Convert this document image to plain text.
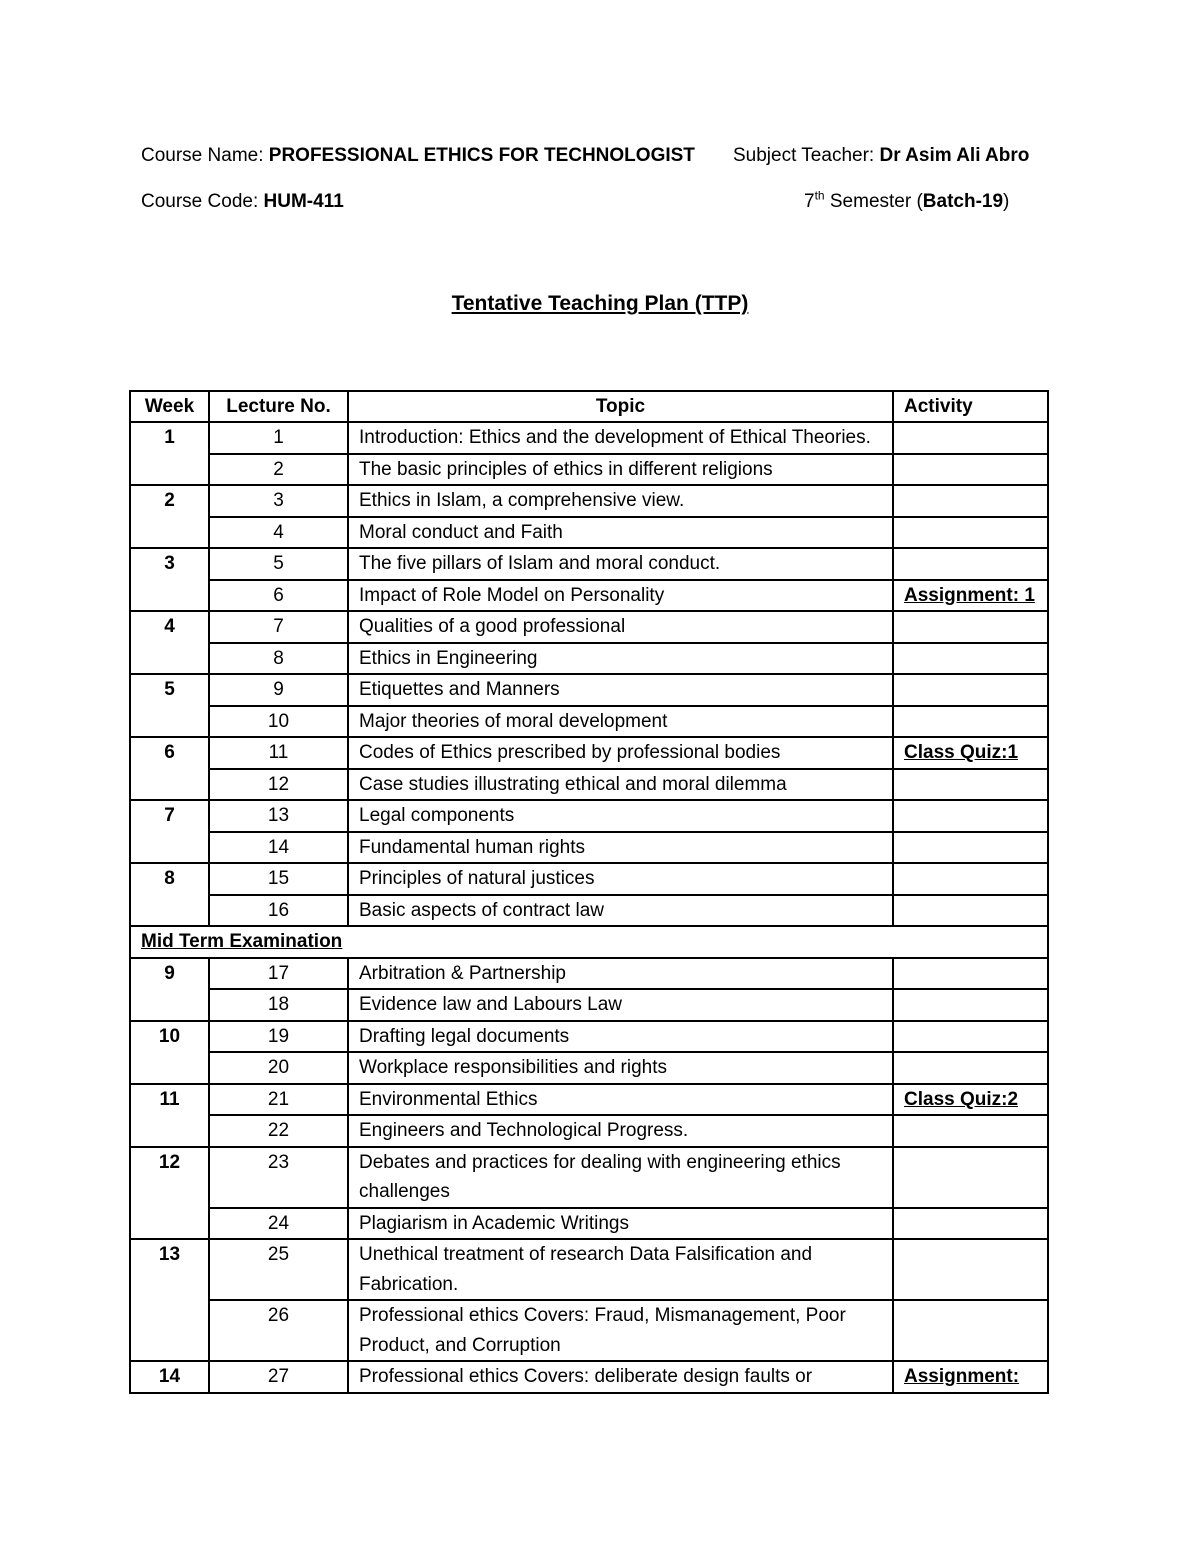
Course Name: PROFESSIONAL ETHICS FOR TECHNOLOGIST Subject Teacher: Dr Asim Ali Abro
Course Code: HUM-411	7th Semester (Batch-19)
Tentative Teaching Plan (TTP)
Week	Lecture No.	Topic	Activity
1	1	Introduction: Ethics and the development of Ethical Theories.	
	2	The basic principles of ethics in different religions	
2	3	Ethics in Islam, a comprehensive view.	
	4	Moral conduct and Faith	
3	5	The five pillars of Islam and moral conduct.	
	6	Impact of Role Model on Personality	Assignment: 1
4	7	Qualities of a good professional	
	8	Ethics in Engineering	
5	9	Etiquettes and Manners	
	10	Major theories of moral development	
6	11	Codes of Ethics prescribed by professional bodies	Class Quiz:1
	12	Case studies illustrating ethical and moral dilemma	
7	13	Legal components	
	14	Fundamental human rights	
8	15	Principles of natural justices	
	16	Basic aspects of contract law	
Mid Term Examination			
9	17	Arbitration & Partnership	
	18	Evidence law and Labours Law	
10	19	Drafting legal documents	
	20	Workplace responsibilities and rights	
11	21	Environmental Ethics	Class Quiz:2
	22	Engineers and Technological Progress.	
12	23	Debates and practices for dealing with engineering ethics challenges	
	24	Plagiarism in Academic Writings	
13	25	Unethical treatment of research Data Falsification and Fabrication.	
	26	Professional ethics Covers: Fraud, Mismanagement, Poor Product, and Corruption	
14	27	Professional ethics Covers: deliberate design faults or	Assignment:
